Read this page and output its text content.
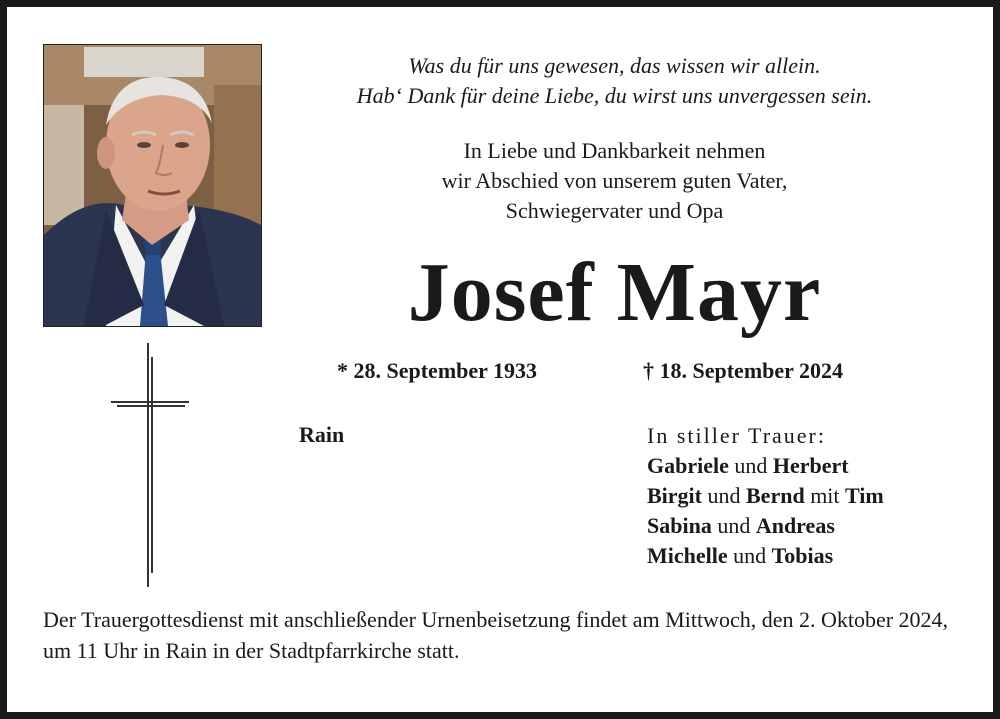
Was du für uns gewesen, das wissen wir allein.
Hab‘ Dank für deine Liebe, du wirst uns unvergessen sein.
In Liebe und Dankbarkeit nehmen
wir Abschied von unserem guten Vater,
Schwiegervater und Opa
Josef Mayr
* 28. September 1933	† 18. September 2024
Rain	In stiller Trauer:
Gabriele und Herbert
Birgit und Bernd mit Tim
Sabina und Andreas
Michelle und Tobias
Der Trauergottesdienst mit anschließender Urnenbeisetzung findet am Mittwoch, den 2. Oktober 2024, um 11 Uhr in Rain in der Stadtpfarrkirche statt.
